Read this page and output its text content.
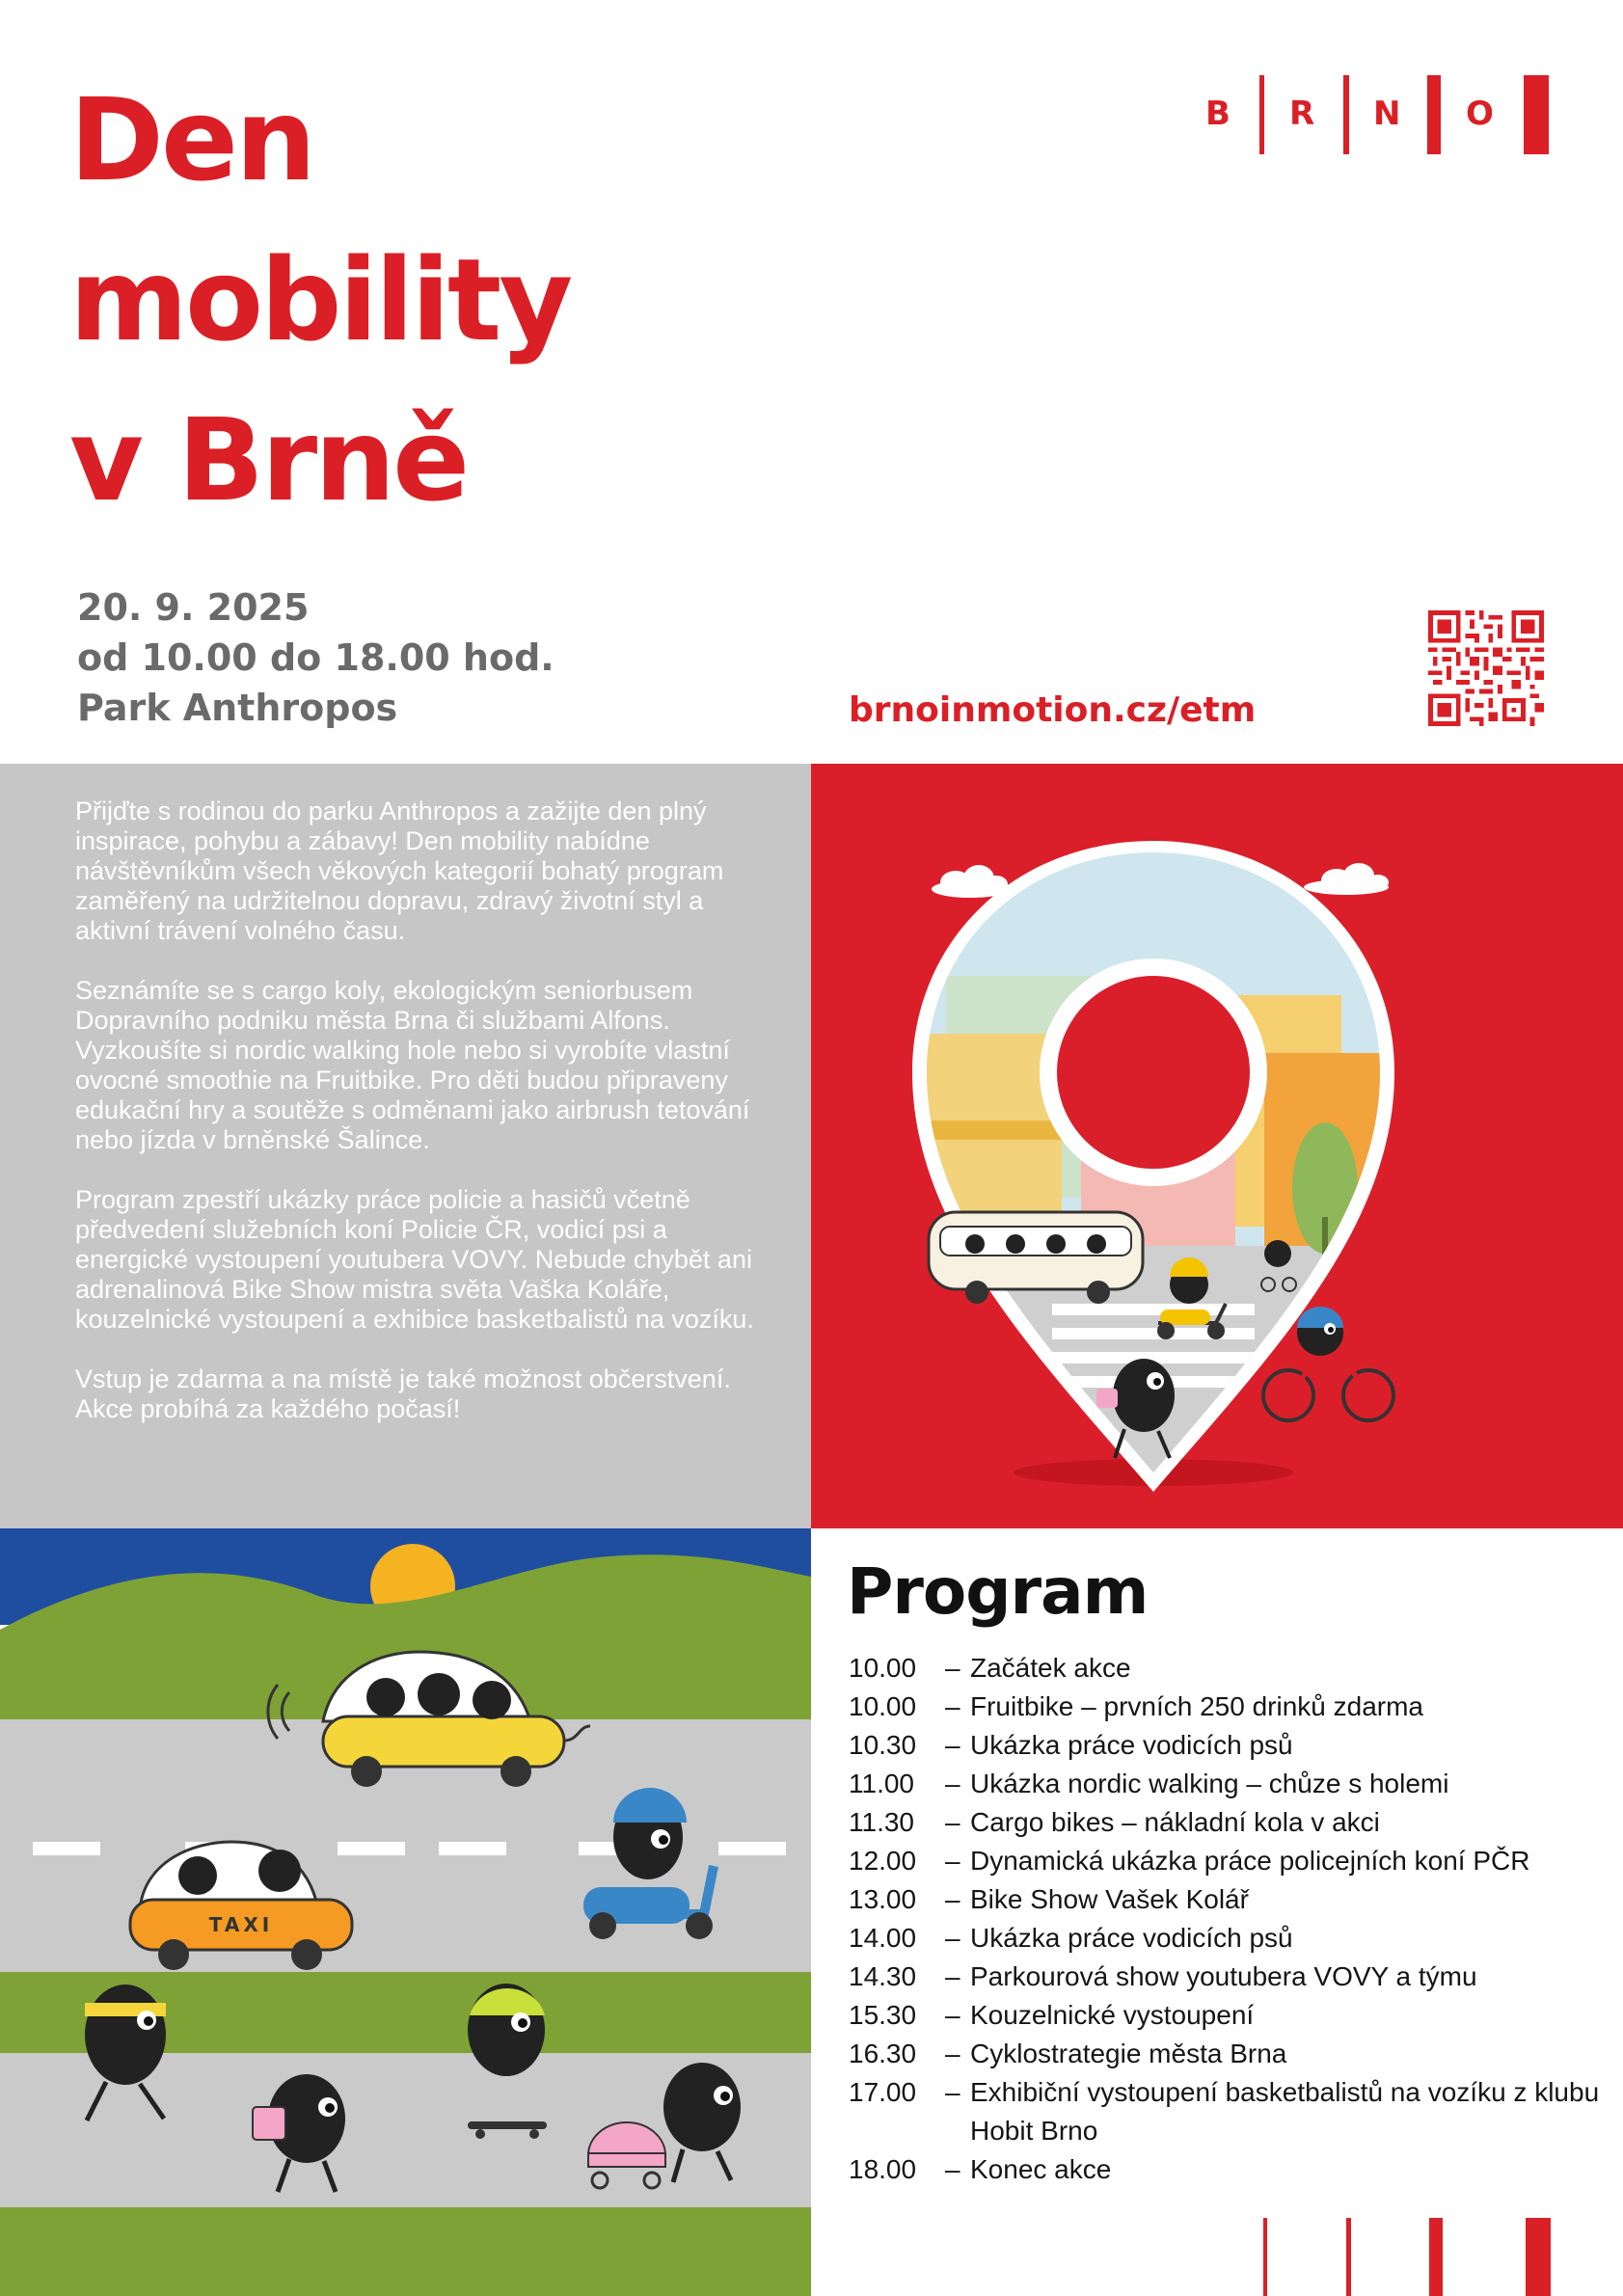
Den
mobility
v Brně
B R N O
20. 9. 2025
od 10.00 do 18.00 hod.
Park Anthropos	brnoinmotion.cz/etm

Přijďte s rodinou do parku Anthropos a zažijte den plný inspirace, pohybu a zábavy! Den mobility nabídne návštěvníkům všech věkových kategorií bohatý program zaměřený na udržitelnou dopravu, zdravý životní styl a aktivní trávení volného času.

Seznámíte se s cargo koly, ekologickým seniorbusem Dopravního podniku města Brna či službami Alfons. Vyzkoušíte si nordic walking hole nebo si vyrobíte vlastní ovocné smoothie na Fruitbike. Pro děti budou připraveny edukační hry a soutěže s odměnami jako airbrush tetování nebo jízda v brněnské Šalince.

Program zpestří ukázky práce policie a hasičů včetně předvedení služebních koní Policie ČR, vodicí psi a energické vystoupení youtubera VOVY. Nebude chybět ani adrenalinová Bike Show mistra světa Vaška Koláře, kouzelnické vystoupení a exhibice basketbalistů na vozíku.

Vstup je zdarma a na místě je také možnost občerstvení. Akce probíhá za každého počasí!

TAXI
Program
10.00	– Začátek akce
10.00	– Fruitbike – prvních 250 drinků zdarma
10.30	– Ukázka práce vodicích psů
11.00	– Ukázka nordic walking – chůze s holemi
11.30	– Cargo bikes – nákladní kola v akci
12.00	– Dynamická ukázka práce policejních koní PČR
13.00	– Bike Show Vašek Kolář
14.00	– Ukázka práce vodicích psů
14.30	– Parkourová show youtubera VOVY a týmu
15.30	– Kouzelnické vystoupení
16.30	– Cyklostrategie města Brna
17.00	– Exhibiční vystoupení basketbalistů na vozíku z klubu Hobit Brno
18.00	– Konec akce
